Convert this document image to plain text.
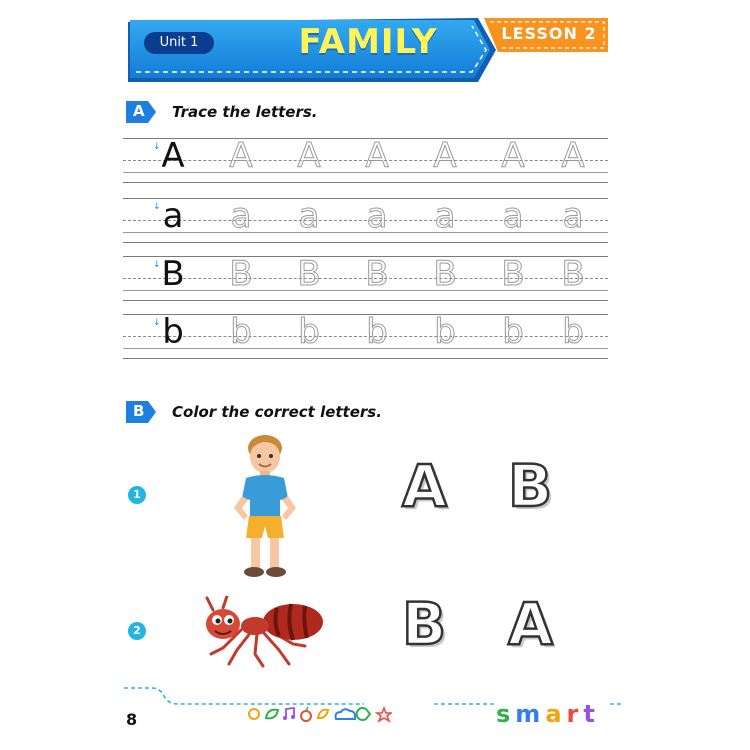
Unit 1	FAMILY	LESSON 2
A Trace the letters.
A
↓ A A A A A A
a
↓ a a a a a a
B
↓ B B B B B B
b
↓ b b b b b b
B Color the correct letters.
1	A B
2	B A
8	smart
